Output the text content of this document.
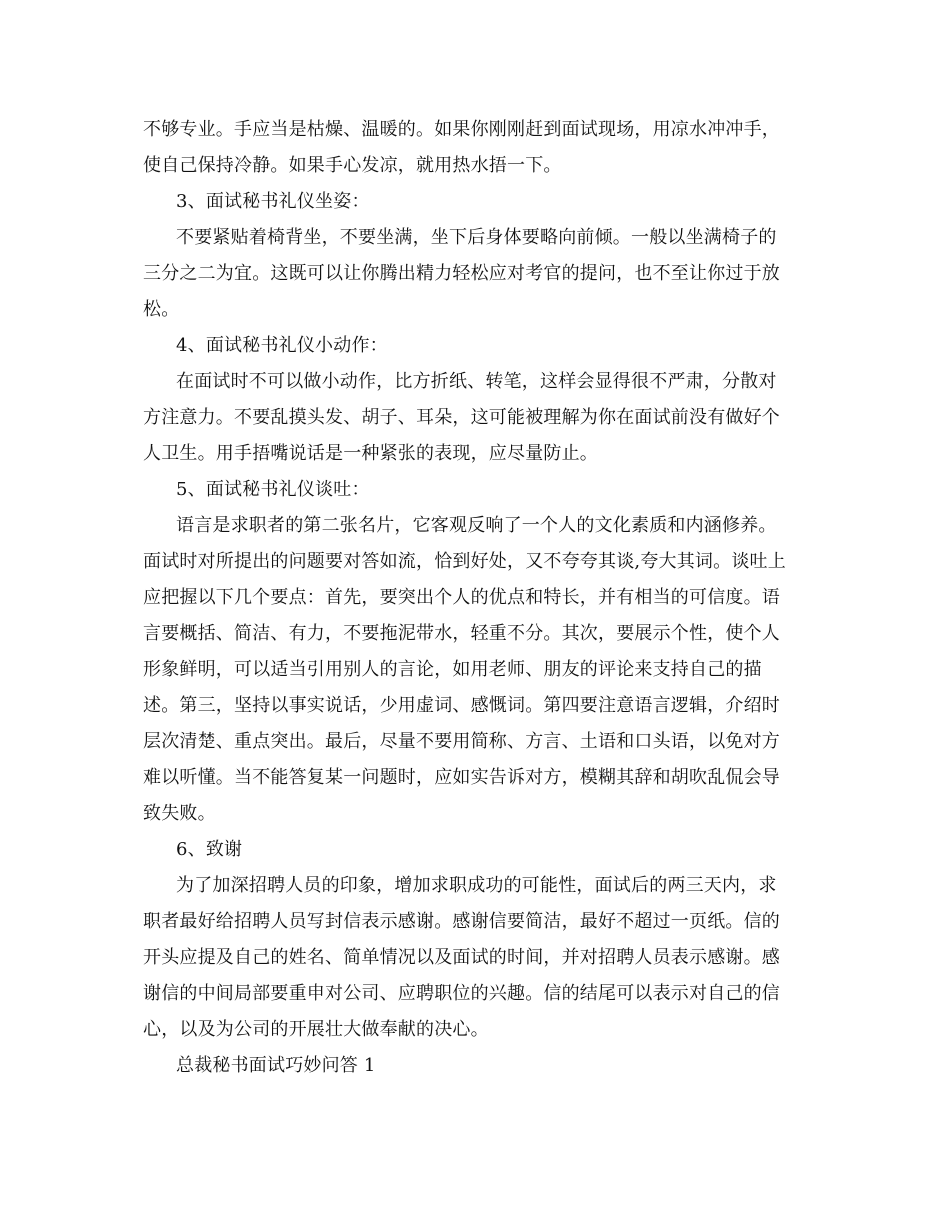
不够专业。手应当是枯燥、温暖的。如果你刚刚赶到面试现场，用凉水冲冲手，
使自己保持冷静。如果手心发凉，就用热水捂一下。
3、面试秘书礼仪坐姿：
不要紧贴着椅背坐，不要坐满，坐下后身体要略向前倾。一般以坐满椅子的
三分之二为宜。这既可以让你腾出精力轻松应对考官的提问，也不至让你过于放
松。
4、面试秘书礼仪小动作：
在面试时不可以做小动作，比方折纸、转笔，这样会显得很不严肃，分散对
方注意力。不要乱摸头发、胡子、耳朵，这可能被理解为你在面试前没有做好个
人卫生。用手捂嘴说话是一种紧张的表现，应尽量防止。
5、面试秘书礼仪谈吐：
语言是求职者的第二张名片，它客观反响了一个人的文化素质和内涵修养。
面试时对所提出的问题要对答如流，恰到好处，又不夸夸其谈,夸大其词。谈吐上
应把握以下几个要点：首先，要突出个人的优点和特长，并有相当的可信度。语
言要概括、简洁、有力，不要拖泥带水，轻重不分。其次，要展示个性，使个人
形象鲜明，可以适当引用别人的言论，如用老师、朋友的评论来支持自己的描
述。第三，坚持以事实说话，少用虚词、感慨词。第四要注意语言逻辑，介绍时
层次清楚、重点突出。最后，尽量不要用简称、方言、土语和口头语，以免对方
难以听懂。当不能答复某一问题时，应如实告诉对方，模糊其辞和胡吹乱侃会导
致失败。
6、致谢
为了加深招聘人员的印象，增加求职成功的可能性，面试后的两三天内，求
职者最好给招聘人员写封信表示感谢。感谢信要简洁，最好不超过一页纸。信的
开头应提及自己的姓名、简单情况以及面试的时间，并对招聘人员表示感谢。感
谢信的中间局部要重申对公司、应聘职位的兴趣。信的结尾可以表示对自己的信
心，以及为公司的开展壮大做奉献的决心。
总裁秘书面试巧妙问答 1
